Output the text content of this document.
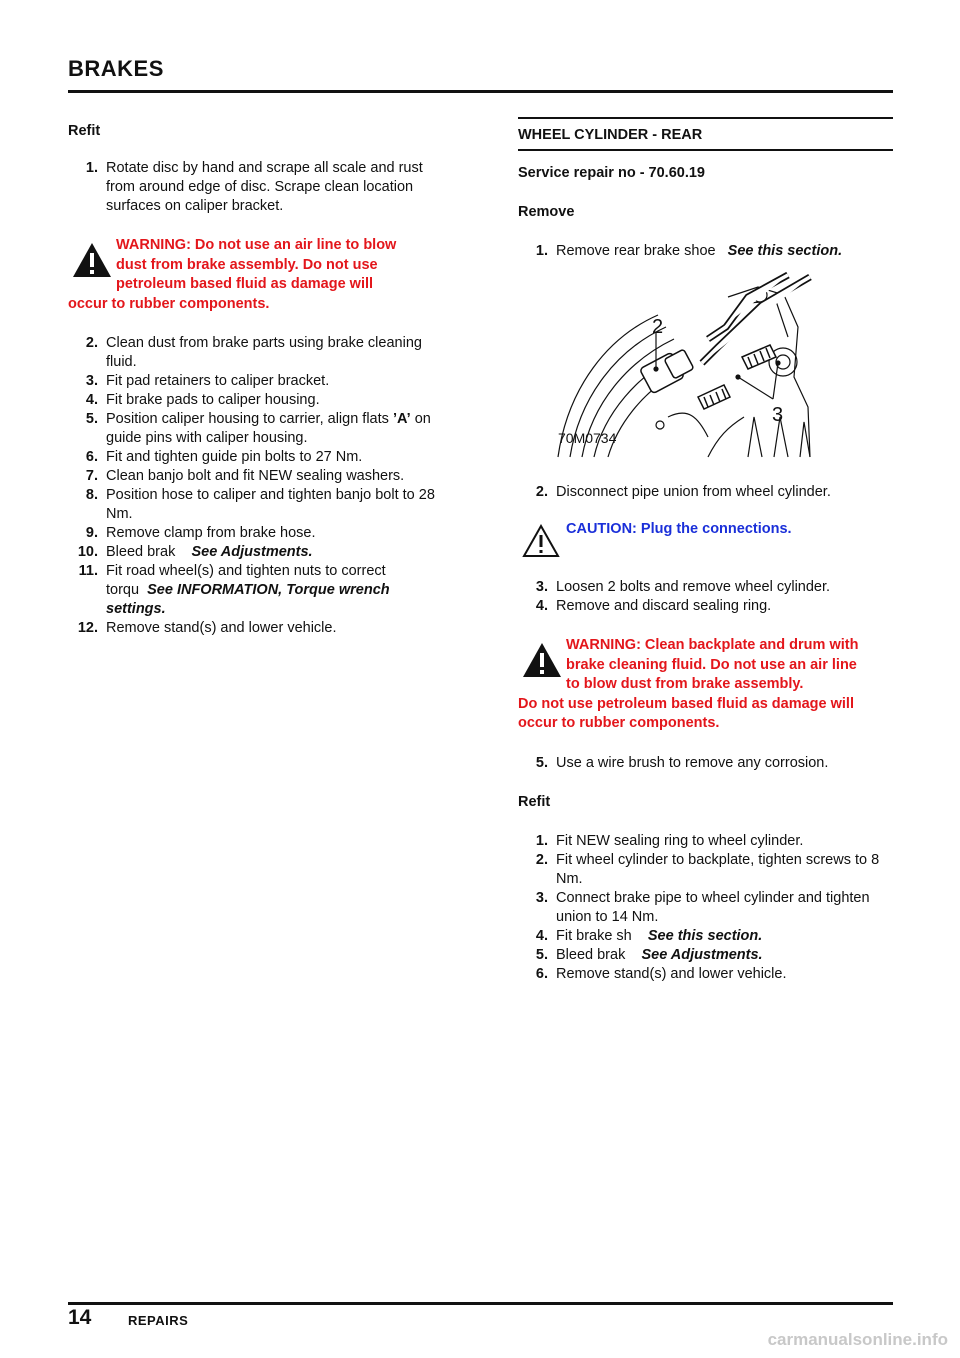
BRAKES
Refit

1. Rotate disc by hand and scrape all scale and rust from around edge of disc. Scrape clean location surfaces on caliper bracket.

WARNING: Do not use an air line to blow
dust from brake assembly. Do not use
petroleum based fluid as damage will
occur to rubber components.

2. Clean dust from brake parts using brake cleaning fluid.

3. Fit pad retainers to caliper bracket.

4. Fit brake pads to caliper housing.

5. Position caliper housing to carrier, align flats ’A’ on guide pins with caliper housing.

6. Fit and tighten guide pin bolts to 27 Nm.

7. Clean banjo bolt and fit NEW sealing washers.

8. Position hose to caliper and tighten banjo bolt to 28 Nm.

9. Remove clamp from brake hose.

10. Bleed brak See Adjustments.

11. Fit road wheel(s) and tighten nuts to correct torqu See INFORMATION, Torque wrench settings.

12. Remove stand(s) and lower vehicle.

WHEEL CYLINDER - REAR
Service repair no - 70.60.19
Remove

1. Remove rear brake shoe See this section.

2
3
70M0734

2. Disconnect pipe union from wheel cylinder.

CAUTION: Plug the connections.

3. Loosen 2 bolts and remove wheel cylinder.

4. Remove and discard sealing ring.

WARNING: Clean backplate and drum with
brake cleaning fluid. Do not use an air line
to blow dust from brake assembly.
Do not use petroleum based fluid as damage will
occur to rubber components.

5. Use a wire brush to remove any corrosion.

Refit

1. Fit NEW sealing ring to wheel cylinder.

2. Fit wheel cylinder to backplate, tighten screws to 8 Nm.

3. Connect brake pipe to wheel cylinder and tighten union to 14 Nm.

4. Fit brake sh See this section.

5. Bleed brak See Adjustments.

6. Remove stand(s) and lower vehicle.

14	REPAIRS
carmanualsonline.info
